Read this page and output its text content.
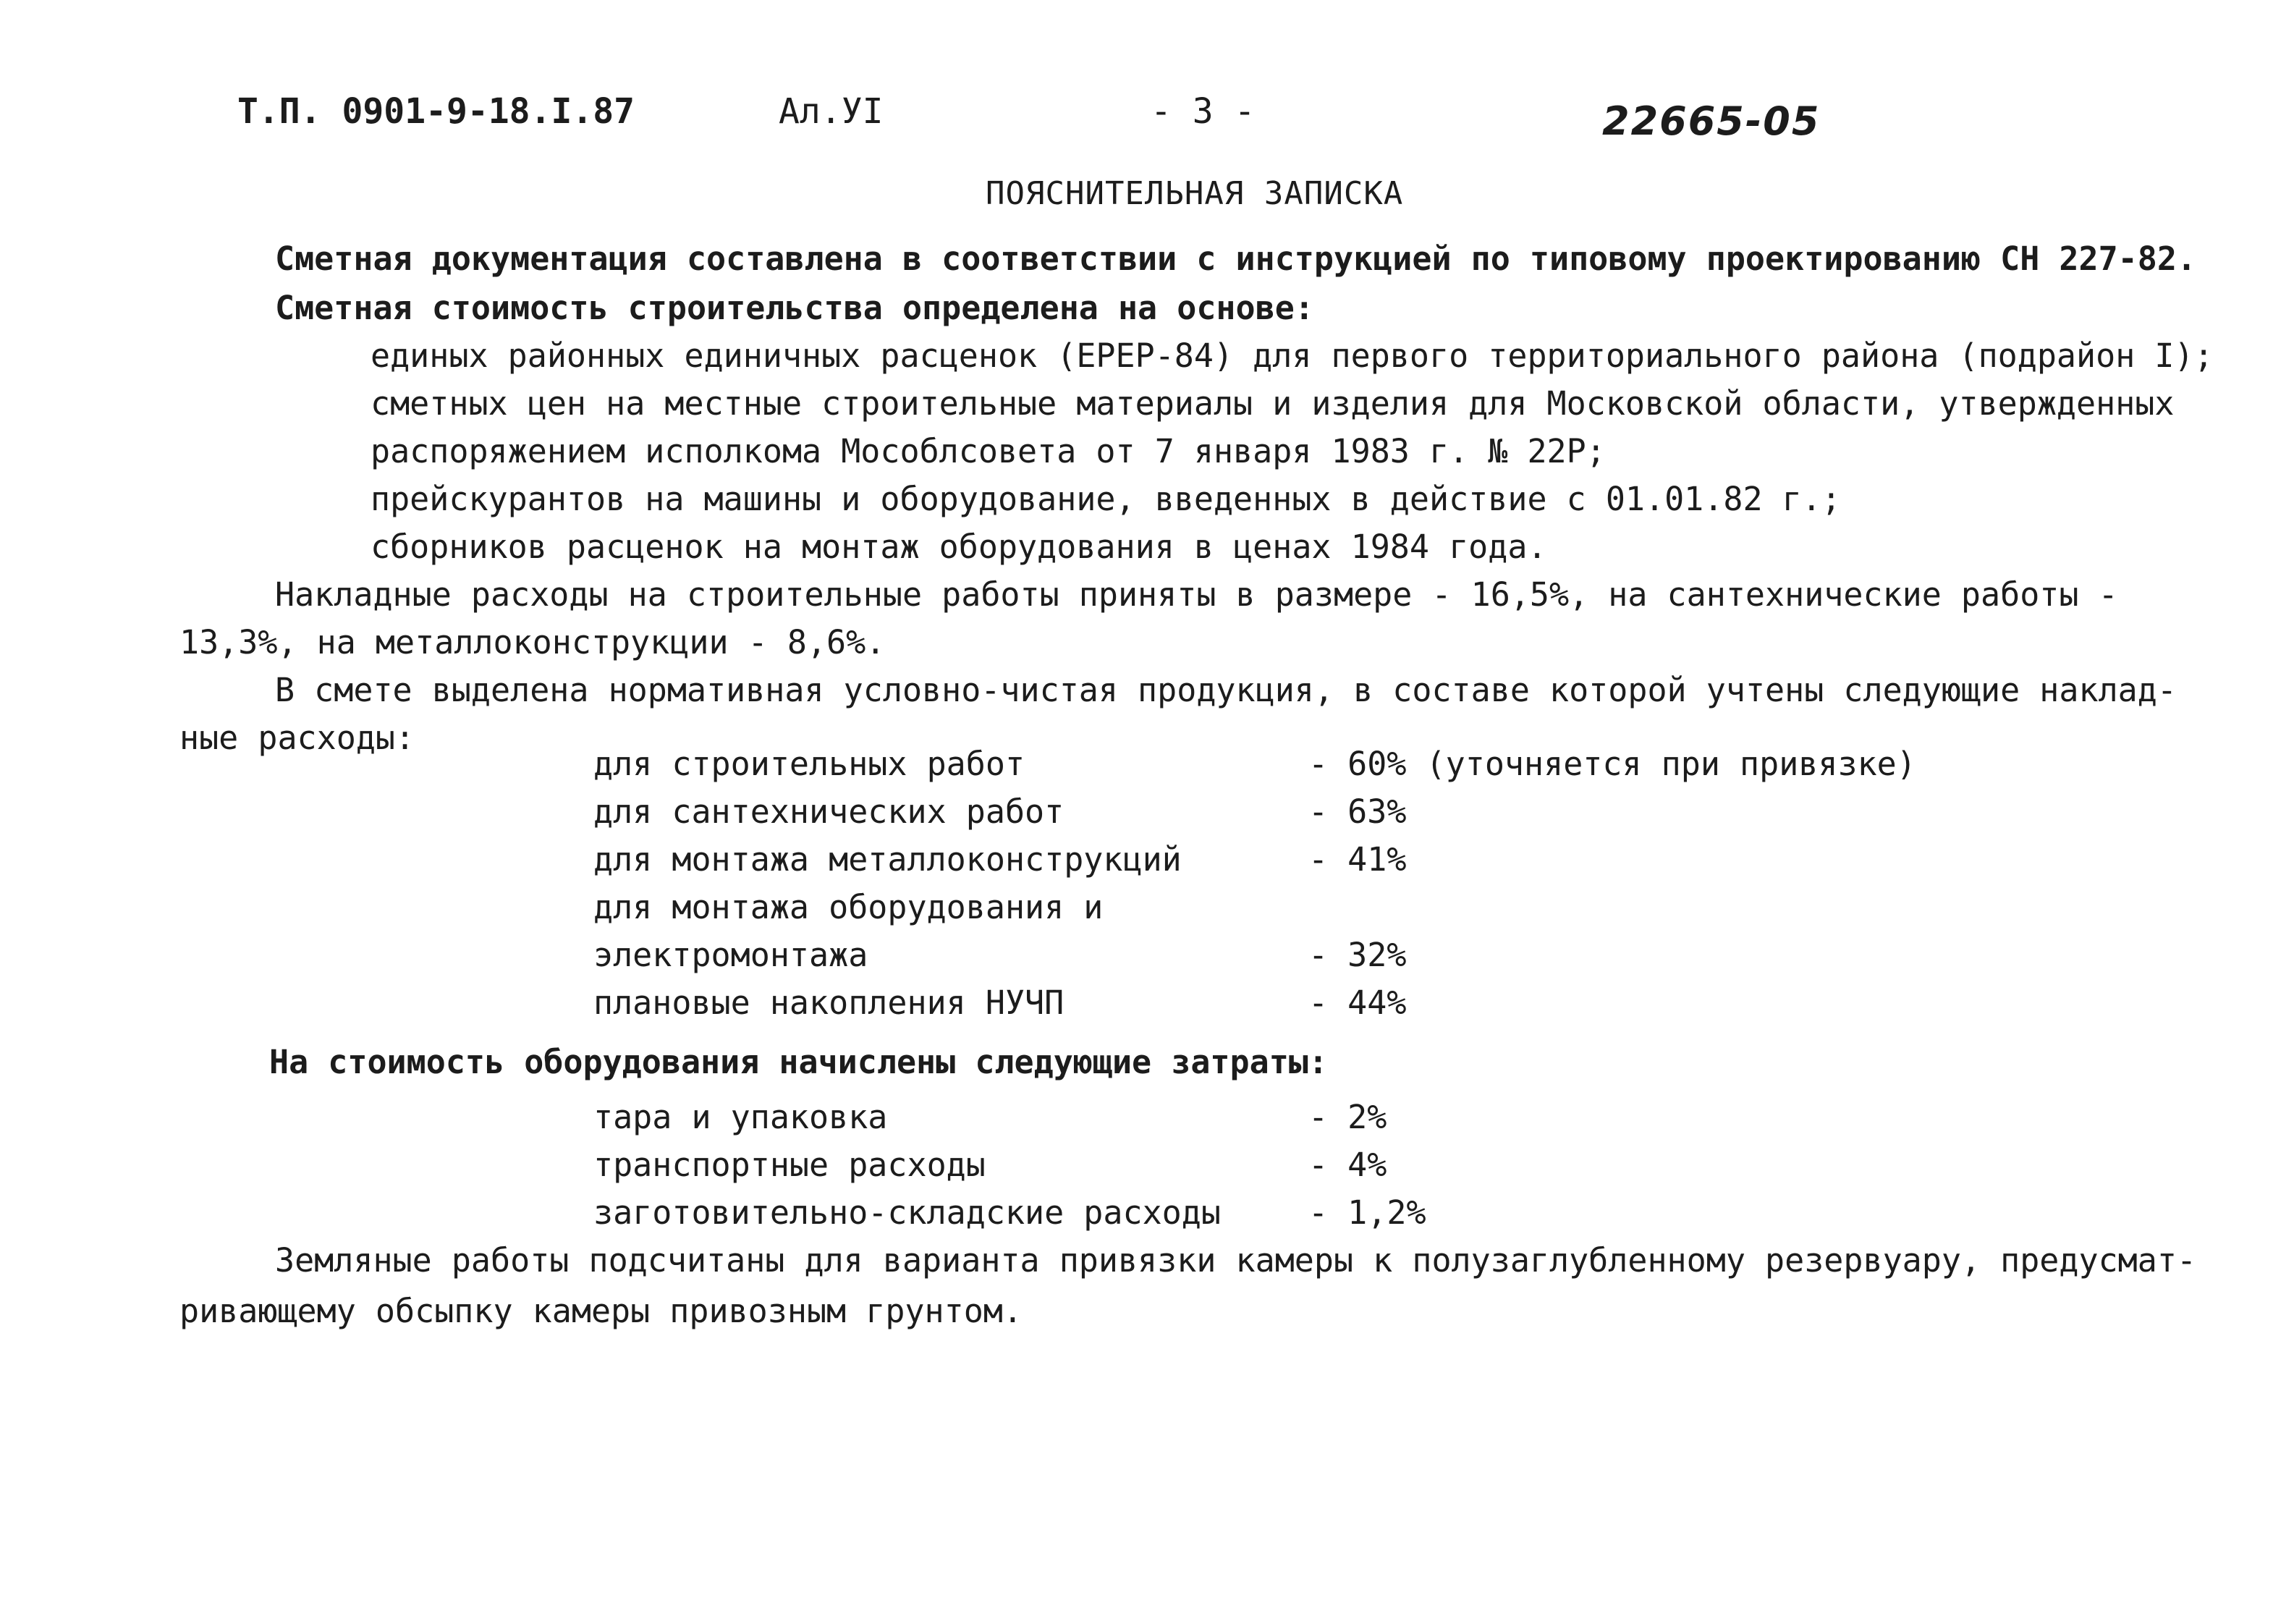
Т.П. 0901-9-18.I.87	Ал.УI	- 3 -	22665-05
ПОЯСНИТЕЛЬНАЯ ЗАПИСКА
Сметная документация составлена в соответствии с инструкцией по типовому проектированию СН 227-82.
Сметная стоимость строительства определена на основе:
единых районных единичных расценок (ЕРЕР-84) для первого территориального района (подрайон I);
сметных цен на местные строительные материалы и изделия для Московской области, утвержденных
распоряжением исполкома Мособлсовета от 7 января 1983 г. № 22Р;
прейскурантов на машины и оборудование, введенных в действие с 01.01.82 г.;
сборников расценок на монтаж оборудования в ценах 1984 года.
Накладные расходы на строительные работы приняты в размере - 16,5%, на сантехнические работы -
13,3%, на металлоконструкции - 8,6%.
В смете выделена нормативная условно-чистая продукция, в составе которой учтены следующие наклад-
ные расходы:
для строительных работ	- 60% (уточняется при привязке)
для сантехнических работ	- 63%
для монтажа металлоконструкций	- 41%
для монтажа оборудования и
электромонтажа	- 32%
плановые накопления НУЧП	- 44%
На стоимость оборудования начислены следующие затраты:
тара и упаковка	- 2%
транспортные расходы	- 4%
заготовительно-складские расходы	- 1,2%
Земляные работы подсчитаны для варианта привязки камеры к полузаглубленному резервуару, предусмат-
ривающему обсыпку камеры привозным грунтом.
